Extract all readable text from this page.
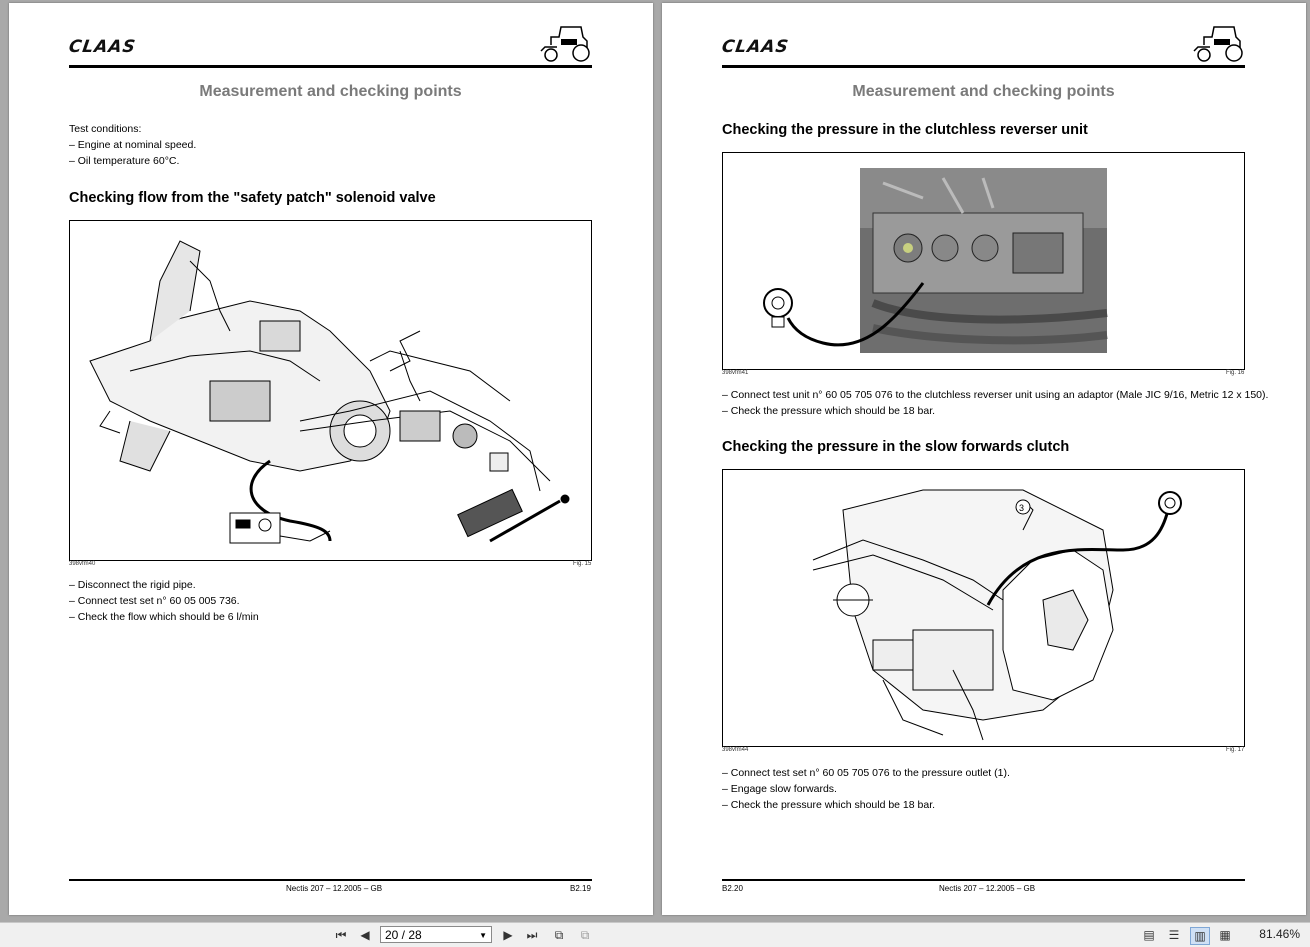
CLAAS
Measurement and checking points
Test conditions:
– Engine at nominal speed.
– Oil temperature 60°C.
Checking flow from the "safety patch" solenoid valve
398vfm40	Fig. 15
– Disconnect the rigid pipe.
– Connect test set n° 60 05 005 736.
– Check the flow which should be 6 l/min
Nectis 207 – 12.2005 – GB	B2.19
CLAAS
Measurement and checking points
Checking the pressure in the clutchless reverser unit
398vfm41	Fig. 16
– Connect test unit n° 60 05 705 076 to the clutchless reverser unit using an adaptor (Male JIC 9/16, Metric 12 x 150).
– Check the pressure which should be 18 bar.
Checking the pressure in the slow forwards clutch
3
398vfm44	Fig. 17
– Connect test set n° 60 05 705 076 to the pressure outlet (1).
– Engage slow forwards.
– Check the pressure which should be 18 bar.
B2.20	Nectis 207 – 12.2005 – GB
⏮	◀	20 / 28	▼	▶	⏭	⧉	⧉	▤	☰	▥	▦ 81.46%
